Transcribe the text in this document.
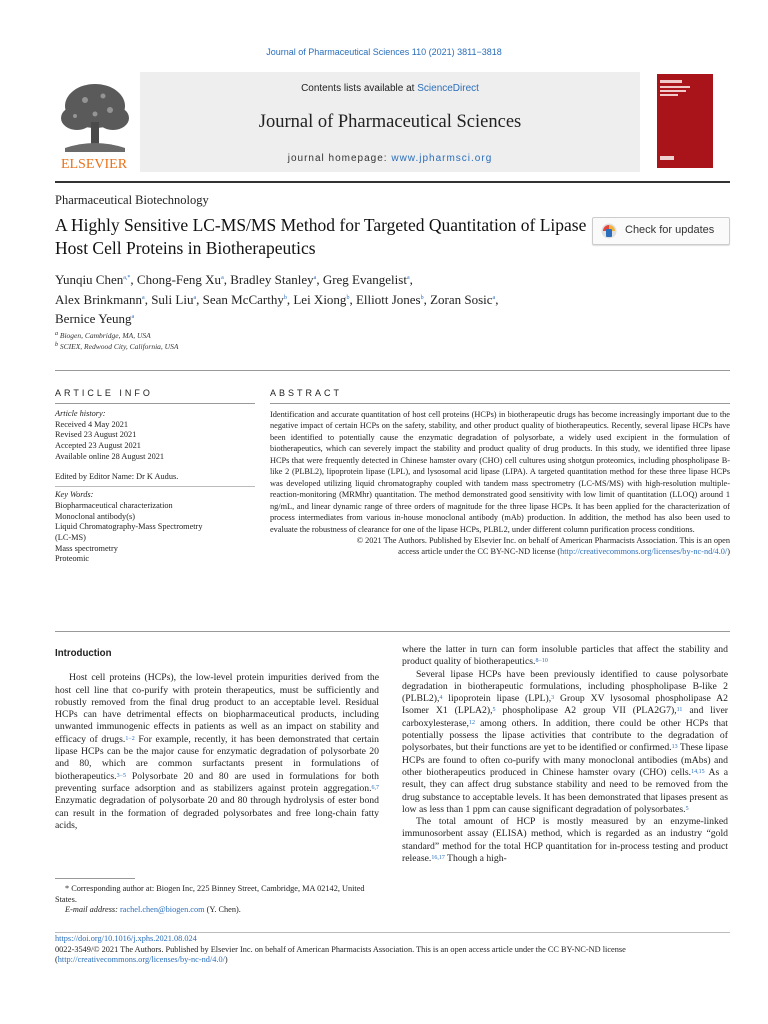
Journal of Pharmaceutical Sciences 110 (2021) 3811−3818
ELSEVIER
Contents lists available at ScienceDirect
Journal of Pharmaceutical Sciences
journal homepage: www.jpharmsci.org
Pharmaceutical Biotechnology
A Highly Sensitive LC-MS/MS Method for Targeted Quantitation of Lipase Host Cell Proteins in Biotherapeutics
Check for updates
Yunqiu Chen$^{a,*}$, Chong-Feng Xu$^a$, Bradley Stanley$^a$, Greg Evangelist$^a$,
Alex Brinkmann$^a$, Suli Liu$^a$, Sean McCarthy$^b$, Lei Xiong$^b$, Elliott Jones$^b$, Zoran Sosic$^a$,
Bernice Yeung$^a$
$^a$ Biogen, Cambridge, MA, USA
$^b$ SCIEX, Redwood City, California, USA
ARTICLE INFO	ABSTRACT
Article history:
Received 4 May 2021
Revised 23 August 2021
Accepted 23 August 2021
Available online 28 August 2021
Edited by Editor Name: Dr K Audus.
Key Words:
Biopharmaceutical characterization
Monoclonal antibody(s)
Liquid Chromatography-Mass Spectrometry
(LC-MS)
Mass spectrometry
Proteomic
Identification and accurate quantitation of host cell proteins (HCPs) in biotherapeutic drugs has become increasingly important due to the negative impact of certain HCPs on the safety, stability, and other product quality of biotherapeutics. Recently, several lipase HCPs have been identified to potentially cause the enzymatic degradation of polysorbate, a widely used excipient in the formulation of biotherapeutics, which can severely impact the stability and product quality of drug products. In this study, we identified three lipase HCPs that were frequently detected in Chinese hamster ovary (CHO) cell cultures using shotgun proteomics, including phospholipase B-like 2 (PLBL2), lipoprotein lipase (LPL), and lysosomal acid lipase (LIPA). A targeted quantitation method for these three lipase HCPs was developed utilizing liquid chromatography coupled with tandem mass spectrometry (LC-MS/MS) with high-resolution multiple-reaction-monitoring (MRMhr) quantitation. The method demonstrated good sensitivity with low limit of quantitation (LLOQ) around 1 ng/mL, and linear dynamic range of three orders of magnitude for the three lipase HCPs. It has been applied for the characterization of process intermediates from various in-house monoclonal antibody (mAb) production. In addition, the method has also been used to evaluate the robustness of clearance for one of the lipase HCPs, PLBL2, under different column purification process conditions.
© 2021 The Authors. Published by Elsevier Inc. on behalf of American Pharmacists Association. This is an open
access article under the CC BY-NC-ND license (http://creativecommons.org/licenses/by-nc-nd/4.0/)
Introduction

Host cell proteins (HCPs), the low-level protein impurities derived from the host cell line that co-purify with protein therapeutics, must be sufficiently and robustly removed from the final drug product to an acceptable level. Residual HCPs can have detrimental effects on biopharmaceutical products, including unwanted immunogenic effects in patients as well as an impact on stability and efficacy of drugs.$^{1-2}$ For example, recently, it has been demonstrated that certain lipase HCPs can be the major cause for enzymatic degradation of polysorbate 20 and 80, which are common surfactants present in formulations of biotherapeutics.$^{3-5}$ Polysorbate 20 and 80 are used in formulations for both preventing surface adsorption and as stabilizers against protein aggregation.$^{6,7}$ Enzymatic degradation of polysorbate 20 and 80 through hydrolysis of ester bond can result in the formation of degraded polysorbates and free long-chain fatty acids,

where the latter in turn can form insoluble particles that affect the stability and product quality of biotherapeutics.$^{8-10}$

Several lipase HCPs have been previously identified to cause polysorbate degradation in biotherapeutic formulations, including phospholipase B-like 2 (PLBL2),$^4$ lipoprotein lipase (LPL),$^3$ Group XV lysosomal phospholipase A2 Isomer X1 (LPLA2),$^5$ phospholipase A2 group VII (PLA2G7),$^{11}$ and liver carboxylesterase,$^{12}$ among others. In addition, there could be other HCPs that potentially possess the lipase activities that contribute to the degradation of polysorbates, but their functions are yet to be identified or confirmed.$^{13}$ These lipase HCPs are found to often co-purify with many monoclonal antibodies (mAbs) and other biotherapeutics produced in Chinese hamster ovary (CHO) cells.$^{14,15}$ As a result, they can affect drug substance stability and need to be removed from the drug substance to acceptable levels. It has been demonstrated that lipases present as low as less than 1 ppm can cause significant degradation of polysorbates.$^5$

The total amount of HCP is mostly measured by an enzyme-linked immunosorbent assay (ELISA) method, which is regarded as an industry “gold standard” method for the total HCP quantitation for in-process testing and product release.$^{16,17}$ Though a high-

* Corresponding author at: Biogen Inc, 225 Binney Street, Cambridge, MA 02142, United States.
E-mail address: rachel.chen@biogen.com (Y. Chen).
https://doi.org/10.1016/j.xphs.2021.08.024
0022-3549/© 2021 The Authors. Published by Elsevier Inc. on behalf of American Pharmacists Association. This is an open access article under the CC BY-NC-ND license
(http://creativecommons.org/licenses/by-nc-nd/4.0/)
